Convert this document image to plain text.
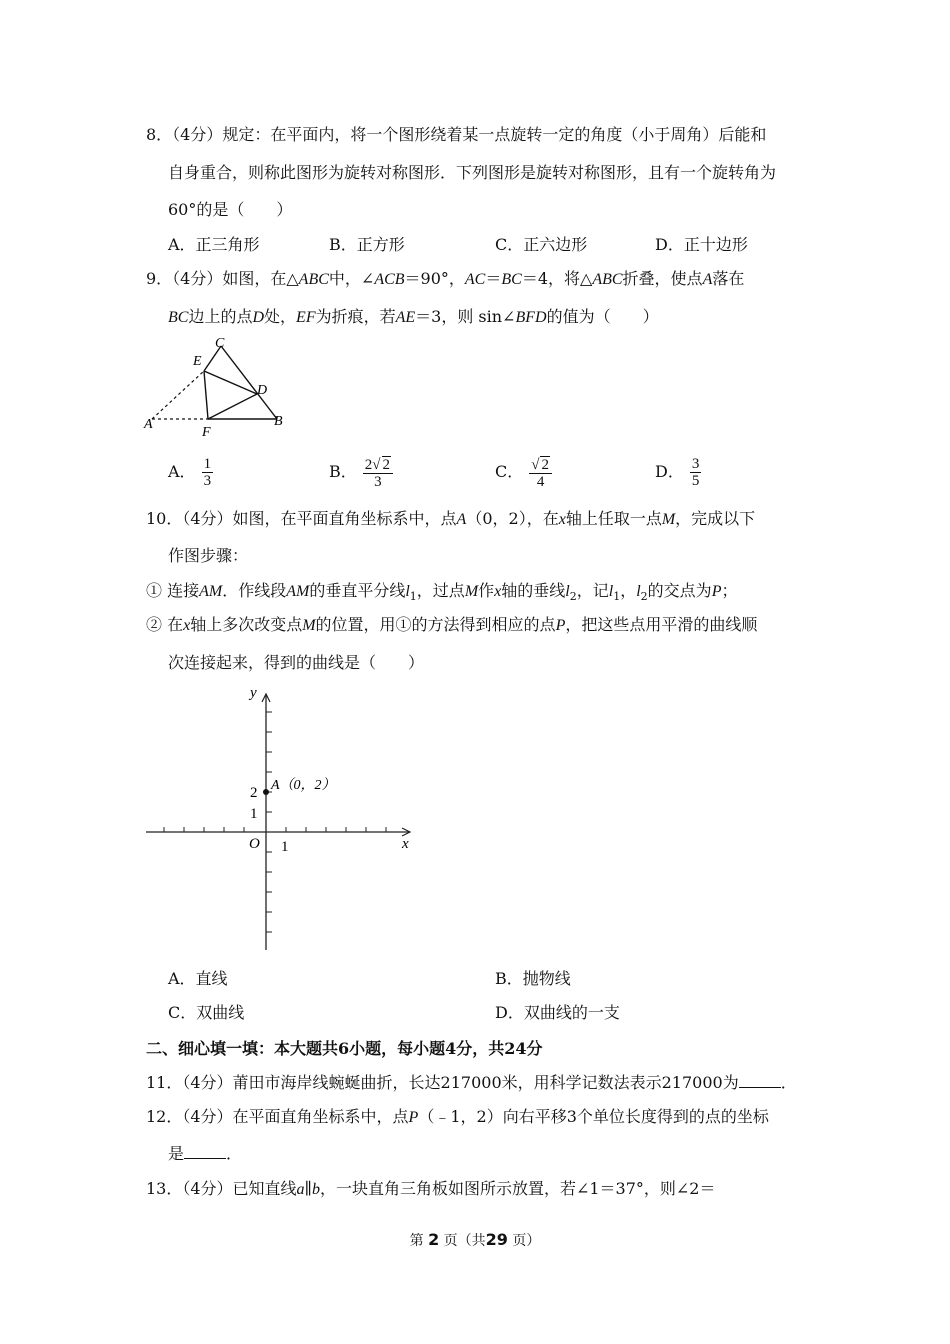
8．（4分）规定：在平面内，将一个图形绕着某一点旋转一定的角度（小于周角）后能和
自身重合，则称此图形为旋转对称图形．下列图形是旋转对称图形，且有一个旋转角为
60°的是（　　）
A．正三角形	B．正方形	C．正六边形	D．正十边形
9．（4分）如图，在△ABC中，∠ACB＝90°，AC＝BC＝4，将△ABC折叠，使点A落在
BC边上的点D处，EF为折痕，若AE＝3，则 sin∠BFD的值为（　　）
C
E
D
A
F
B
A． $\frac{1}{3}$	B． $\frac{2√ 2}{3}$	C． $\frac{√ 2}{4}$	D． $\frac{3}{5}$
10．（4分）如图，在平面直角坐标系中，点A（0，2），在x轴上任取一点M，完成以下
作图步骤：
① 连接AM．作线段AM的垂直平分线$l_1$，过点M作x轴的垂线$l_2$，记$l_1$，$l_2$的交点为P；
② 在x轴上多次改变点M的位置，用①的方法得到相应的点P，把这些点用平滑的曲线顺
次连接起来，得到的曲线是（　　）
y
x
O 1
1
2 A（0，2）
A．直线	B．抛物线
C．双曲线	D．双曲线的一支
二、细心填一填：本大题共6小题，每小题4分，共24分
11．（4分）莆田市海岸线蜿蜒曲折，长达217000米，用科学记数法表示217000为	．
12．（4分）在平面直角坐标系中，点P（﹣1，2）向右平移3个单位长度得到的点的坐标
是	．
13．（4分）已知直线a∥b，一块直角三角板如图所示放置，若∠1＝37°，则∠2＝
第 2 页（共29 页）
